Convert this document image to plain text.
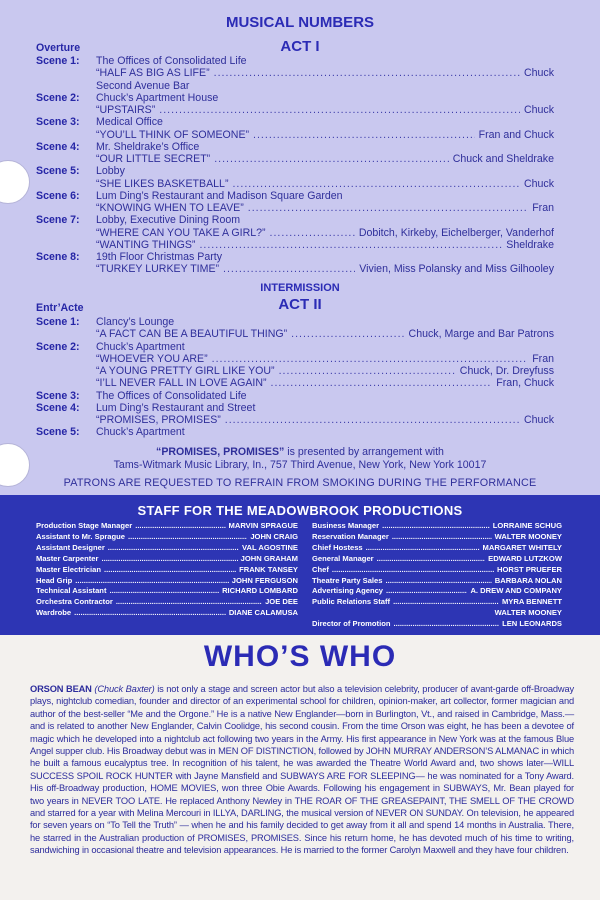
MUSICAL NUMBERS
Overture	ACT I
Scene 1: The Offices of Consolidated Life
“HALF AS BIG AS LIFE” .....	Chuck
Second Avenue Bar
Scene 2: Chuck’s Apartment House
“UPSTAIRS” .....	Chuck
Scene 3: Medical Office
“YOU’LL THINK OF SOMEONE” .....	Fran and Chuck
Scene 4: Mr. Sheldrake’s Office
“OUR LITTLE SECRET” .....	Chuck and Sheldrake
Scene 5: Lobby
“SHE LIKES BASKETBALL” .....	Chuck
Scene 6: Lum Ding’s Restaurant and Madison Square Garden
“KNOWING WHEN TO LEAVE” .....	Fran
Scene 7: Lobby, Executive Dining Room
“WHERE CAN YOU TAKE A GIRL?” .....	Dobitch, Kirkeby, Eichelberger, Vanderhof
“WANTING THINGS” .....	Sheldrake
Scene 8: 19th Floor Christmas Party
“TURKEY LURKEY TIME” .....	Vivien, Miss Polansky and Miss Gilhooley
INTERMISSION
Entr’Acte	ACT II
Scene 1: Clancy’s Lounge
“A FACT CAN BE A BEAUTIFUL THING” .....	Chuck, Marge and Bar Patrons
Scene 2: Chuck’s Apartment
“WHOEVER YOU ARE” .....	Fran
“A YOUNG PRETTY GIRL LIKE YOU” .....	Chuck, Dr. Dreyfuss
“I’LL NEVER FALL IN LOVE AGAIN” .....	Fran, Chuck
Scene 3: The Offices of Consolidated Life
Scene 4: Lum Ding’s Restaurant and Street
“PROMISES, PROMISES” .....	Chuck
Scene 5: Chuck’s Apartment
“PROMISES, PROMISES” is presented by arrangement with
Tams-Witmark Music Library, In., 757 Third Avenue, New York, New York 10017
PATRONS ARE REQUESTED TO REFRAIN FROM SMOKING DURING THE PERFORMANCE
STAFF FOR THE MEADOWBROOK PRODUCTIONS
Production Stage Manager .....	MARVIN SPRAGUE
Assistant to Mr. Sprague .....	JOHN CRAIG
Assistant Designer .....	VAL AGOSTINE
Master Carpenter .....	JOHN GRAHAM
Master Electrician .....	FRANK TANSEY
Head Grip .....	JOHN FERGUSON
Technical Assistant .....	RICHARD LOMBARD
Orchestra Contractor .....	JOE DEE
Wardrobe .....	DIANE CALAMUSA
Business Manager .....	LORRAINE SCHUG
Reservation Manager .....	WALTER MOONEY
Chief Hostess .....	MARGARET WHITELY
General Manager .....	EDWARD LUTZKOW
Chef .....	HORST PRUEFER
Theatre Party Sales .....	BARBARA NOLAN
Advertising Agency .....	A. DREW AND COMPANY
Public Relations Staff .....	MYRA BENNETT
WALTER MOONEY
Director of Promotion .....	LEN LEONARDS
WHO’S WHO
ORSON BEAN (Chuck Baxter) is not only a stage and screen actor but also a television celebrity, producer of avant-garde off-Broadway plays, nightclub comedian, founder and director of an experimental school for children, opinion-maker, art collector, former magician and author of the best-seller “Me and the Orgone.” He is a native New Englander—born in Burlington, Vt., and raised in Cambridge, Mass.—and is related to another New Englander, Calvin Coolidge, his second cousin. From the time Orson was eight, he has been a devotee of magic which he developed into a nightclub act following two years in the Army. His first appearance in New York was at the famous Blue Angel supper club. His Broadway debut was in MEN OF DISTINCTION, followed by JOHN MURRAY ANDERSON’S ALMANAC in which he built a famous eucalyptus tree. In recognition of his talent, he was awarded the Theatre World Award and, two shows later—WILL SUCCESS SPOIL ROCK HUNTER with Jayne Mansfield and SUBWAYS ARE FOR SLEEPING— he was nominated for a Tony Award. His off-Broadway production, HOME MOVIES, won three Obie Awards. Following his engagement in SUBWAYS, Mr. Bean played for two years in NEVER TOO LATE. He replaced Anthony Newley in THE ROAR OF THE GREASEPAINT, THE SMELL OF THE CROWD and starred for a year with Melina Mercouri in ILLYA, DARLING, the musical version of NEVER ON SUNDAY. On television, he appeared for seven years on “To Tell the Truth” — when he and his family decided to get away from it all and spend 14 months in Australia. There, he starred in the Australian production of PROMISES, PROMISES. Since his return home, he has devoted much of his time to writing, sandwiching in occasional theatre and television appearances. He is married to the former Carolyn Maxwell and they have four children.
